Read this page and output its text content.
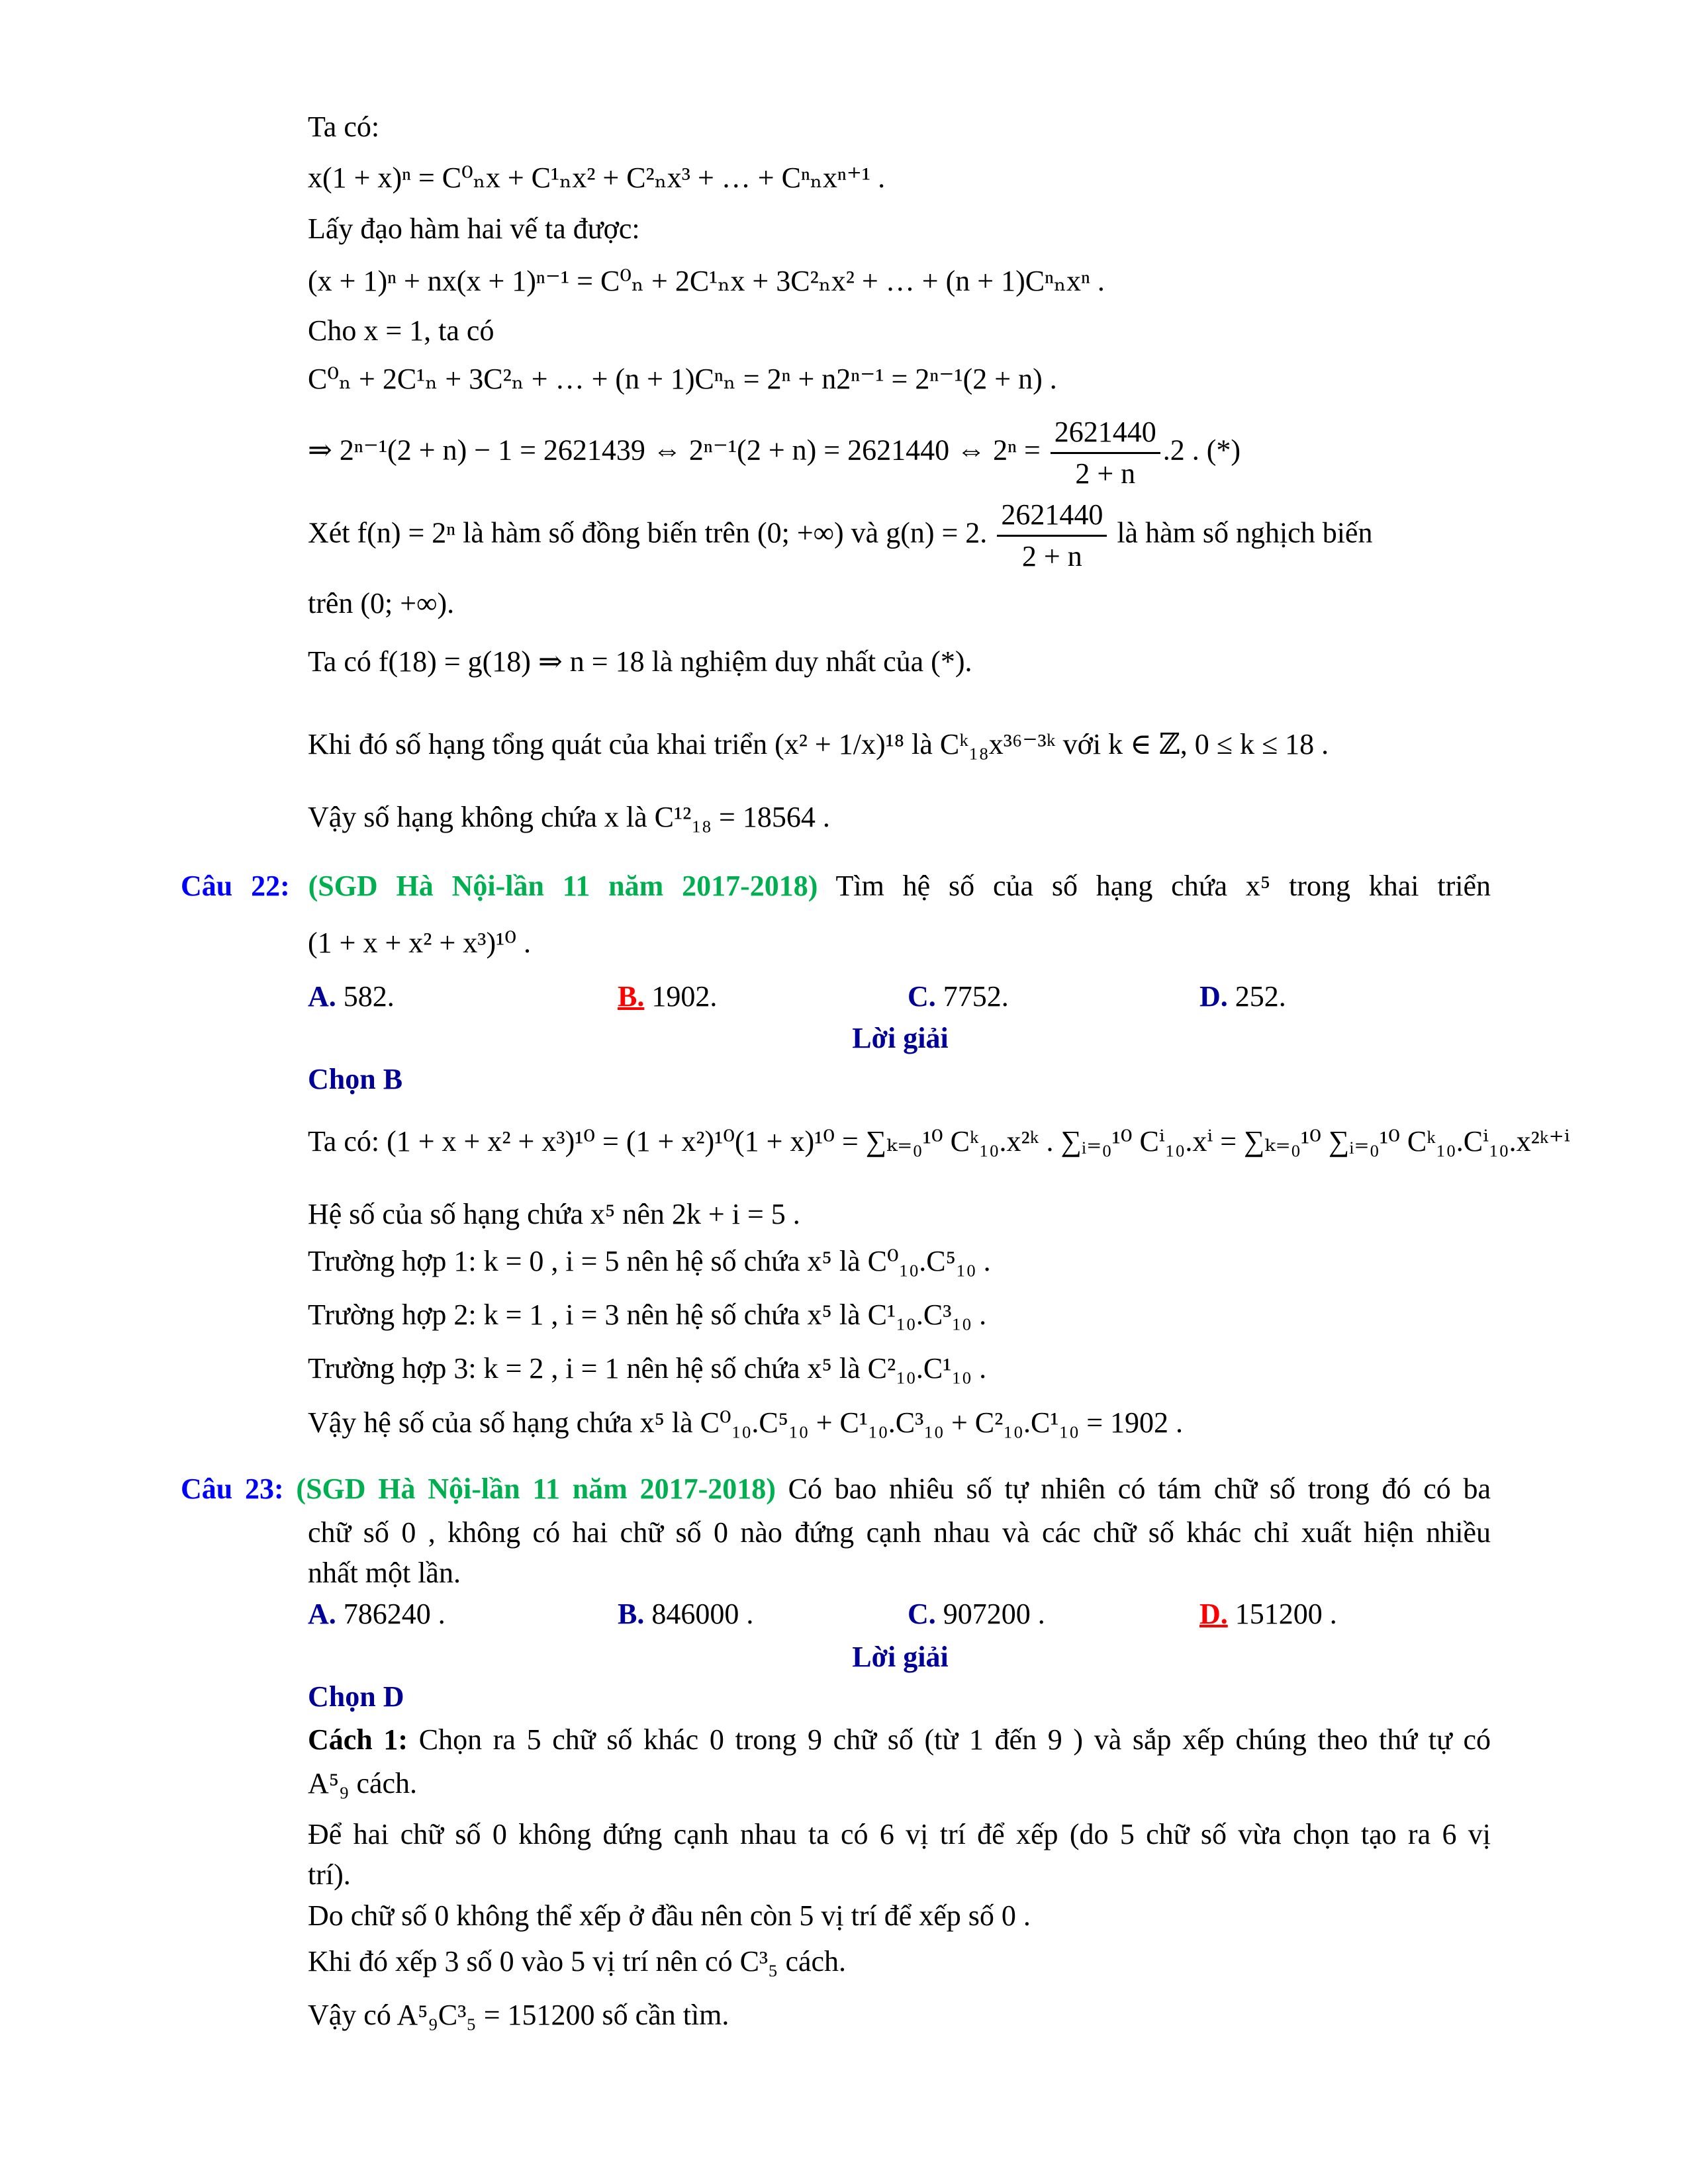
Ta có:
x(1 + x)ⁿ = C⁰ₙx + C¹ₙx² + C²ₙx³ + … + Cⁿₙxⁿ⁺¹ .
Lấy đạo hàm hai vế ta được:
(x + 1)ⁿ + nx(x + 1)ⁿ⁻¹ = C⁰ₙ + 2C¹ₙx + 3C²ₙx² + … + (n + 1)Cⁿₙxⁿ .
Cho x = 1, ta có
C⁰ₙ + 2C¹ₙ + 3C²ₙ + … + (n + 1)Cⁿₙ = 2ⁿ + n2ⁿ⁻¹ = 2ⁿ⁻¹(2 + n) .
⇒ 2ⁿ⁻¹(2 + n) − 1 = 2621439 ⇔ 2ⁿ⁻¹(2 + n) = 2621440 ⇔ $2^n = \frac{2621440}{2 + n} .2$ . (*)
Xét f(n) = 2ⁿ là hàm số đồng biến trên (0; +∞) và g(n) = 2. $\frac{2621440}{2 + n}$ là hàm số nghịch biến
trên (0; +∞).
Ta có f(18) = g(18) ⇒ n = 18 là nghiệm duy nhất của (*).
Khi đó số hạng tổng quát của khai triển (x² + 1/x)¹⁸ là Cᵏ₁₈x³⁶⁻³ᵏ với k ∈ ℤ, 0 ≤ k ≤ 18 .
Vậy số hạng không chứa x là C¹²₁₈ = 18564 .
Câu 22: (SGD Hà Nội-lần 11 năm 2017-2018) Tìm hệ số của số hạng chứa x⁵ trong khai triển
(1 + x + x² + x³)¹⁰ .
A. 582.	B. 1902.	C. 7752.	D. 252.
Lời giải
Chọn B
Ta có: (1 + x + x² + x³)¹⁰ = (1 + x²)¹⁰(1 + x)¹⁰ = ∑ₖ₌₀¹⁰ Cᵏ₁₀.x²ᵏ . ∑ᵢ₌₀¹⁰ Cⁱ₁₀.xⁱ = ∑ₖ₌₀¹⁰ ∑ᵢ₌₀¹⁰ Cᵏ₁₀.Cⁱ₁₀.x²ᵏ⁺ⁱ
Hệ số của số hạng chứa x⁵ nên 2k + i = 5 .
Trường hợp 1: k = 0 , i = 5 nên hệ số chứa x⁵ là C⁰₁₀.C⁵₁₀ .
Trường hợp 2: k = 1 , i = 3 nên hệ số chứa x⁵ là C¹₁₀.C³₁₀ .
Trường hợp 3: k = 2 , i = 1 nên hệ số chứa x⁵ là C²₁₀.C¹₁₀ .
Vậy hệ số của số hạng chứa x⁵ là C⁰₁₀.C⁵₁₀ + C¹₁₀.C³₁₀ + C²₁₀.C¹₁₀ = 1902 .
Câu 23: (SGD Hà Nội-lần 11 năm 2017-2018) Có bao nhiêu số tự nhiên có tám chữ số trong đó có ba
chữ số 0 , không có hai chữ số 0 nào đứng cạnh nhau và các chữ số khác chỉ xuất hiện nhiều
nhất một lần.
A. 786240 .	B. 846000 .	C. 907200 .	D. 151200 .
Lời giải
Chọn D
Cách 1: Chọn ra 5 chữ số khác 0 trong 9 chữ số (từ 1 đến 9 ) và sắp xếp chúng theo thứ tự có
A⁵₉ cách.
Để hai chữ số 0 không đứng cạnh nhau ta có 6 vị trí để xếp (do 5 chữ số vừa chọn tạo ra 6 vị
trí).
Do chữ số 0 không thể xếp ở đầu nên còn 5 vị trí để xếp số 0 .
Khi đó xếp 3 số 0 vào 5 vị trí nên có C³₅ cách.
Vậy có A⁵₉C³₅ = 151200 số cần tìm.
